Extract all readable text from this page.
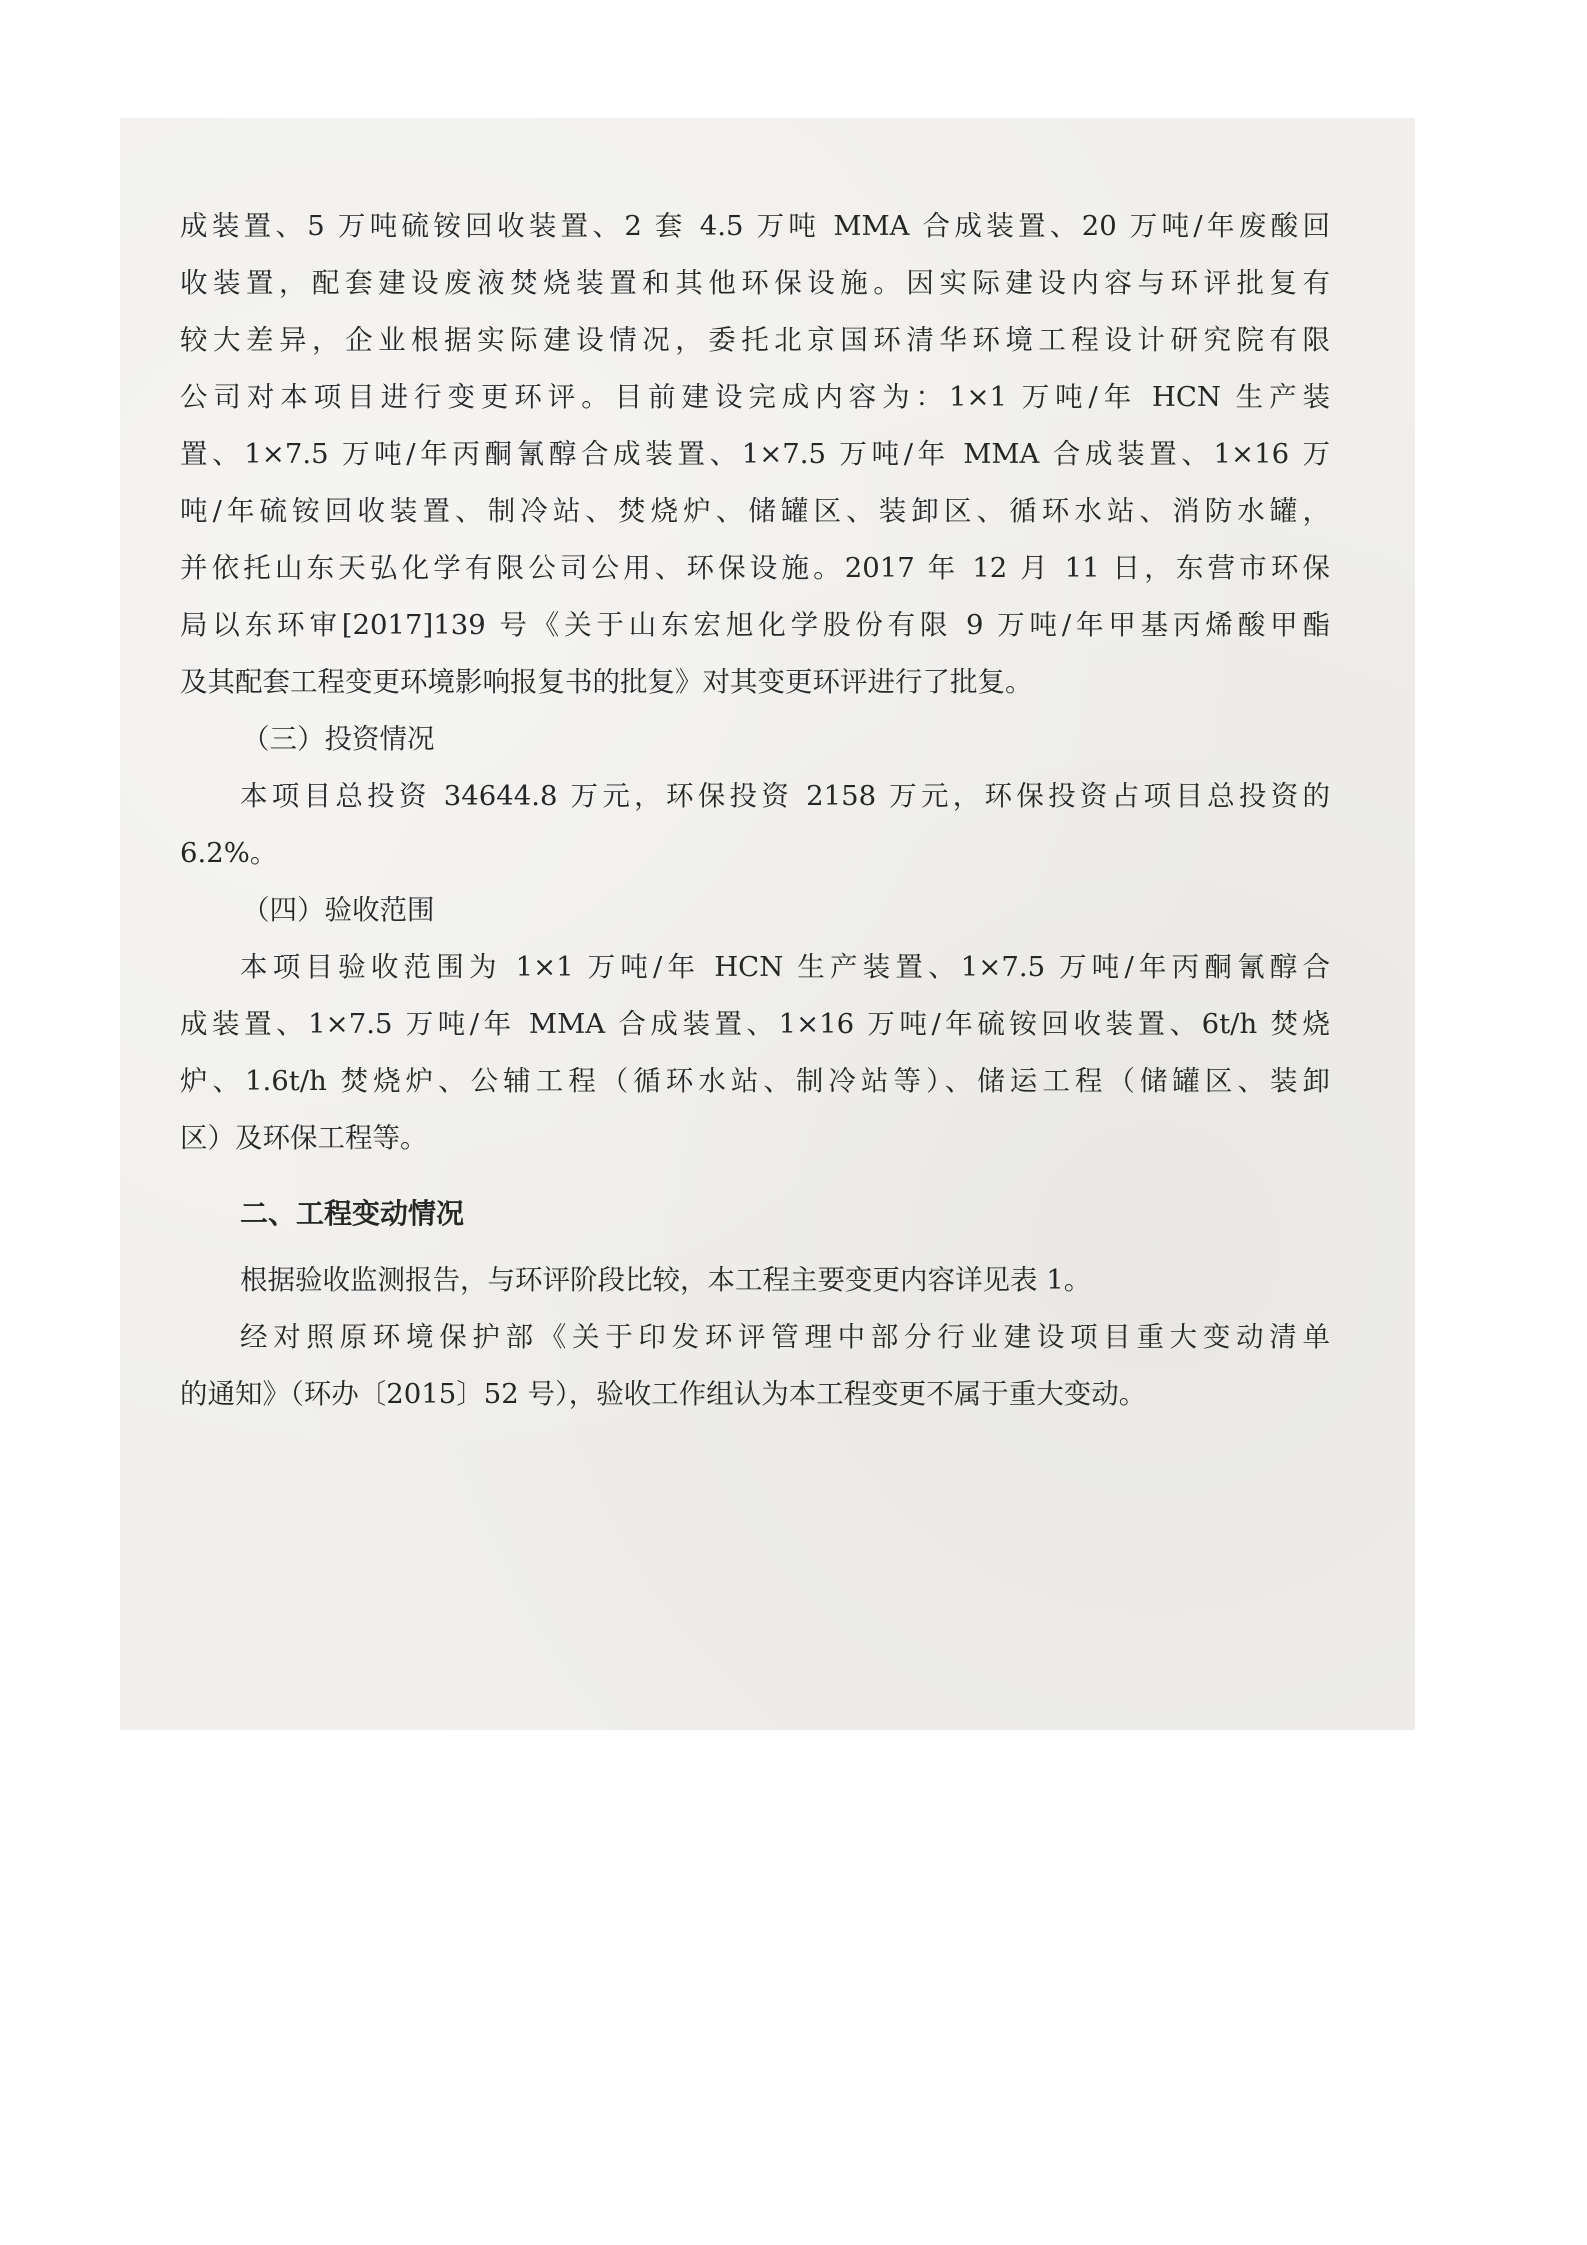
成装置、5 万吨硫铵回收装置、2 套 4.5 万吨 MMA 合成装置、20 万吨/年废酸回
收装置，配套建设废液焚烧装置和其他环保设施。因实际建设内容与环评批复有
较大差异，企业根据实际建设情况，委托北京国环清华环境工程设计研究院有限
公司对本项目进行变更环评。目前建设完成内容为：1×1 万吨/年 HCN 生产装
置、1×7.5 万吨/年丙酮氰醇合成装置、1×7.5 万吨/年 MMA 合成装置、1×16 万
吨/年硫铵回收装置、制冷站、焚烧炉、储罐区、装卸区、循环水站、消防水罐，
并依托山东天弘化学有限公司公用、环保设施。2017 年 12 月 11 日，东营市环保
局以东环审[2017]139 号《关于山东宏旭化学股份有限 9 万吨/年甲基丙烯酸甲酯
及其配套工程变更环境影响报复书的批复》对其变更环评进行了批复。

（三）投资情况

本项目总投资 34644.8 万元，环保投资 2158 万元，环保投资占项目总投资的
6.2%。

（四）验收范围

本项目验收范围为 1×1 万吨/年 HCN 生产装置、1×7.5 万吨/年丙酮氰醇合
成装置、1×7.5 万吨/年 MMA 合成装置、1×16 万吨/年硫铵回收装置、6t/h 焚烧
炉、1.6t/h 焚烧炉、公辅工程（循环水站、制冷站等）、储运工程（储罐区、装卸
区）及环保工程等。
二、工程变动情况

根据验收监测报告，与环评阶段比较，本工程主要变更内容详见表 1。

经对照原环境保护部《关于印发环评管理中部分行业建设项目重大变动清单
的通知》（环办〔2015〕52 号），验收工作组认为本工程变更不属于重大变动。
